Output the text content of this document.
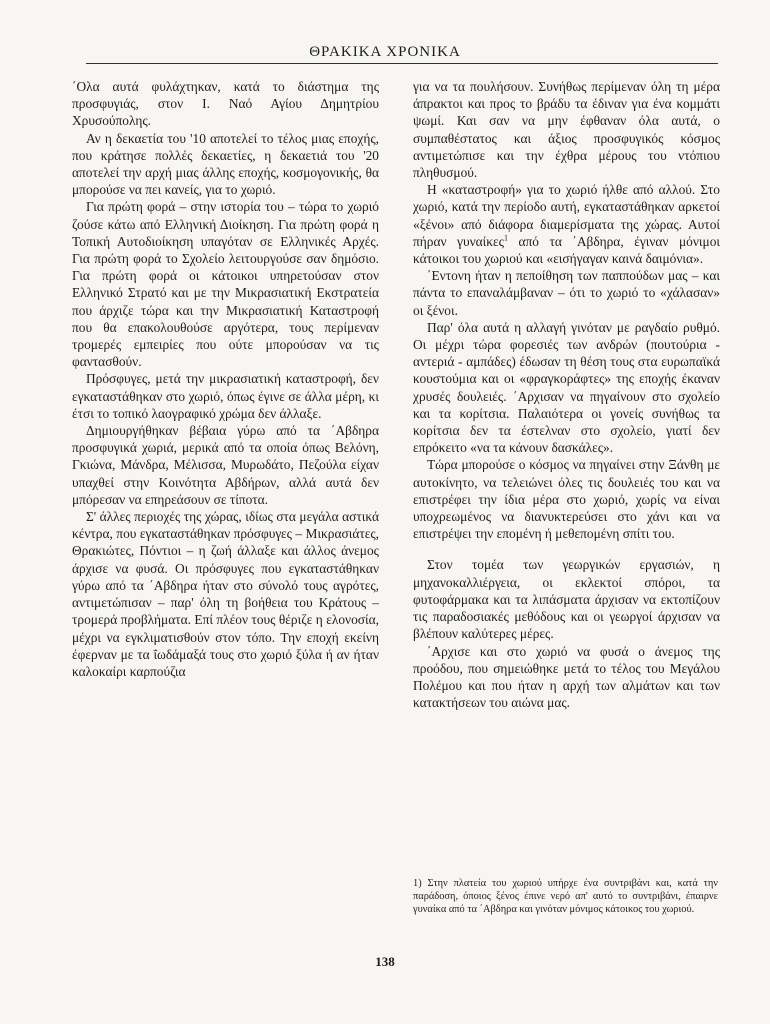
ΘΡΑΚΙΚΑ ΧΡΟΝΙΚΑ

΄Ολα αυτά φυλάχτηκαν, κατά το διάστημα της προσφυγιάς, στον Ι. Ναό Αγίου Δημητρίου Χρυσούπολης.

Αν η δεκαετία του '10 αποτελεί το τέλος μιας εποχής, που κράτησε πολλές δεκαετίες, η δεκαετιά του '20 αποτελεί την αρχή μιας άλλης εποχής, κοσμογονικής, θα μπορούσε να πει κανείς, για το χωριό.

Για πρώτη φορά – στην ιστορία του – τώρα το χωριό ζούσε κάτω από Ελληνική Διοίκηση. Για πρώτη φορά η Τοπική Αυτοδιοίκηση υπαγόταν σε Ελληνικές Αρχές. Για πρώτη φορά το Σχολείο λειτουργούσε σαν δημόσιο. Για πρώτη φορά οι κάτοικοι υπηρετούσαν στον Ελληνικό Στρατό και με την Μικρασιατική Εκστρατεία που άρχιζε τώρα και την Μικρασιατική Καταστροφή που θα επακολουθούσε αργότερα, τους περίμεναν τρομερές εμπειρίες που ούτε μπορούσαν να τις φαντασθούν.

Πρόσφυγες, μετά την μικρασιατική καταστροφή, δεν εγκαταστάθηκαν στο χωριό, όπως έγινε σε άλλα μέρη, κι έτσι το τοπικό λαογραφικό χρώμα δεν άλλαξε.

Δημιουργήθηκαν βέβαια γύρω από τα ΄Αβδηρα προσφυγικά χωριά, μερικά από τα οποία όπως Βελόνη, Γκιώνα, Μάνδρα, Μέλισσα, Μυρωδάτο, Πεζούλα είχαν υπαχθεί στην Κοινότητα Αβδήρων, αλλά αυτά δεν μπόρεσαν να επηρεάσουν σε τίποτα.

Σ' άλλες περιοχές της χώρας, ιδίως στα μεγάλα αστικά κέντρα, που εγκαταστάθηκαν πρόσφυγες – Μικρασιάτες, Θρακιώτες, Πόντιοι – η ζωή άλλαξε και άλλος άνεμος άρχισε να φυσά. Οι πρόσφυγες που εγκαταστάθηκαν γύρω από τα ΄Αβδηρα ήταν στο σύνολό τους αγρότες, αντιμετώπισαν – παρ' όλη τη βοήθεια του Κράτους – τρομερά προβλήματα. Επί πλέον τους θέριζε η ελονοσία, μέχρι να εγκλιματισθούν στον τόπο. Την εποχή εκείνη έφερναν με τα ΐωδάμαξά τους στο χωριό ξύλα ή αν ήταν καλοκαίρι καρπούζια

για να τα πουλήσουν. Συνήθως περίμεναν όλη τη μέρα άπρακτοι και προς το βράδυ τα έδιναν για ένα κομμάτι ψωμί. Και σαν να μην έφθαναν όλα αυτά, ο συμπαθέστατος και άξιος προσφυγικός κόσμος αντιμετώπισε και την έχθρα μέρους του ντόπιου πληθυσμού.

Η «καταστροφή» για το χωριό ήλθε από αλλού. Στο χωριό, κατά την περίοδο αυτή, εγκαταστάθηκαν αρκετοί «ξένοι» από διάφορα διαμερίσματα της χώρας. Αυτοί πήραν γυναίκες$^1$ από τα ΄Αβδηρα, έγιναν μόνιμοι κάτοικοι του χωριού και «εισήγαγαν καινά δαιμόνια».

΄Εντονη ήταν η πεποίθηση των παππούδων μας – και πάντα το επαναλάμβαναν – ότι το χωριό το «χάλασαν» οι ξένοι.

Παρ' όλα αυτά η αλλαγή γινόταν με ραγδαίο ρυθμό. Οι μέχρι τώρα φορεσιές των ανδρών (πουτούρια - αντεριά - αμπάδες) έδωσαν τη θέση τους στα ευρωπαϊκά κουστούμια και οι «φραγκοράφτες» της εποχής έκαναν χρυσές δουλειές. ΄Αρχισαν να πηγαίνουν στο σχολείο και τα κορίτσια. Παλαιότερα οι γονείς συνήθως τα κορίτσια δεν τα έστελναν στο σχολείο, γιατί δεν επρόκειτο «να τα κάνουν δασκάλες».

Τώρα μπορούσε ο κόσμος να πηγαίνει στην Ξάνθη με αυτοκίνητο, να τελειώνει όλες τις δουλειές του και να επιστρέφει την ίδια μέρα στο χωριό, χωρίς να είναι υποχρεωμένος να διανυκτερεύσει στο χάνι και να επιστρέψει την επομένη ή μεθεπομένη σπίτι του.

Στον τομέα των γεωργικών εργασιών, η μηχανοκαλλιέργεια, οι εκλεκτοί σπόροι, τα φυτοφάρμακα και τα λιπάσματα άρχισαν να εκτοπίζουν τις παραδοσιακές μεθόδους και οι γεωργοί άρχισαν να βλέπουν καλύτερες μέρες.

΄Αρχισε και στο χωριό να φυσά ο άνεμος της προόδου, που σημειώθηκε μετά το τέλος του Μεγάλου Πολέμου και που ήταν η αρχή των αλμάτων και των κατακτήσεων του αιώνα μας.

1) Στην πλατεία του χωριού υπήρχε ένα συντριβάνι και, κατά την παράδοση, όποιος ξένος έπινε νερό απ' αυτό το συντριβάνι, έπαιρνε γυναίκα από τα ΄Αβδηρα και γινόταν μόνιμος κάτοικος του χωριού.
138
